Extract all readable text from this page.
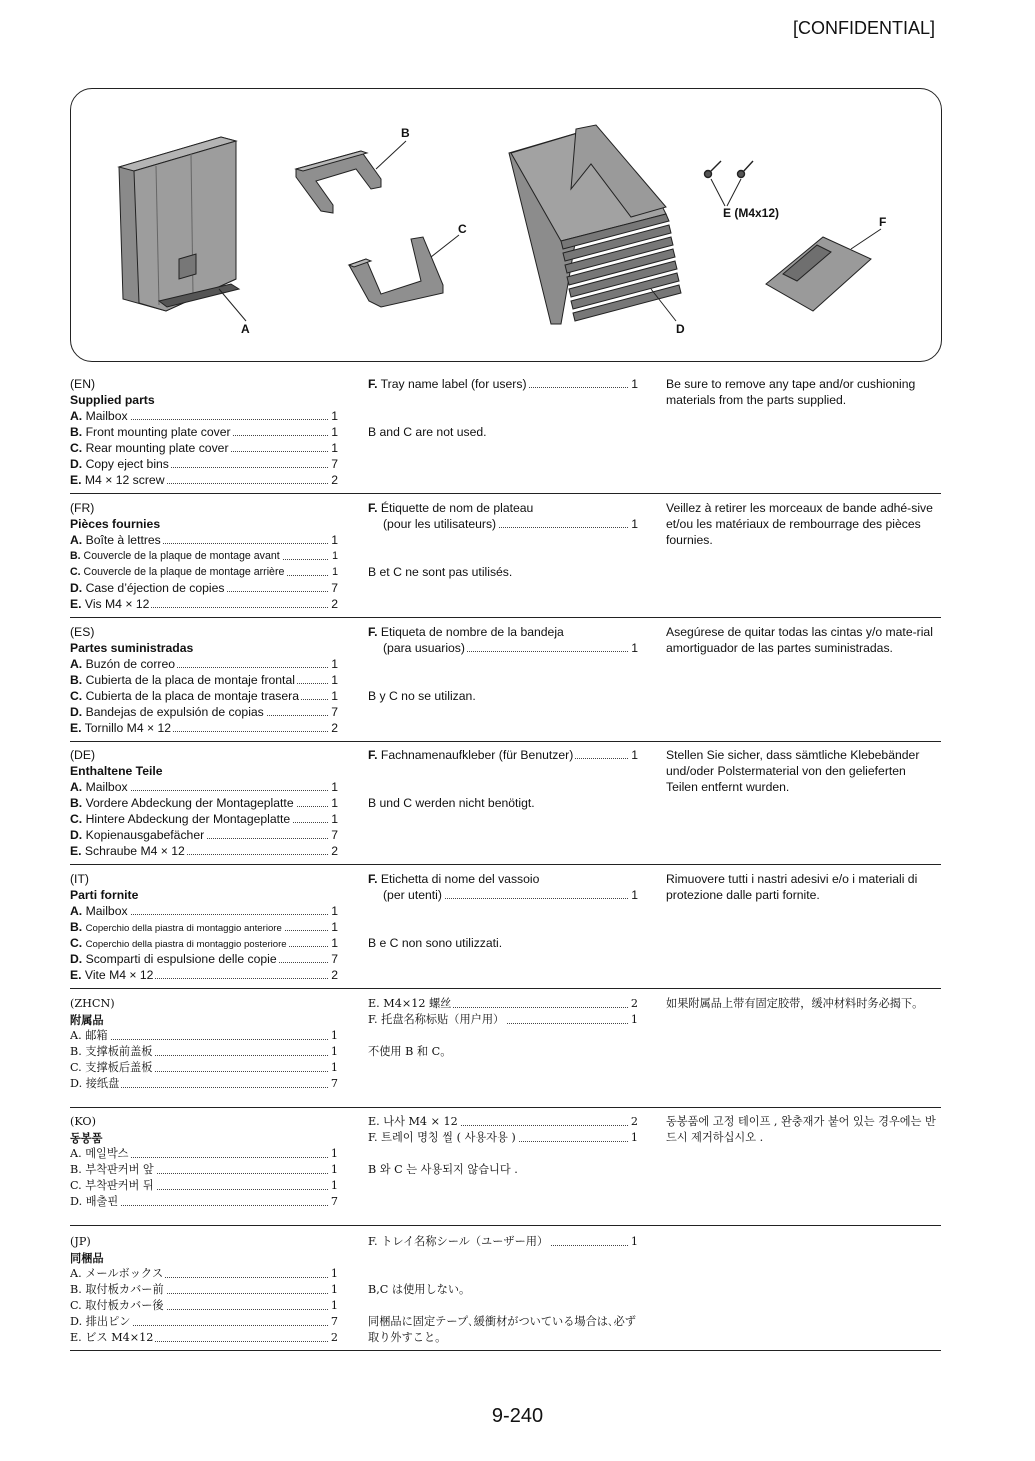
[CONFIDENTIAL]
A
B
C
D
E (M4x12)
F
(EN)
Supplied parts
A. Mailbox	1
B. Front mounting plate cover	1
C. Rear mounting plate cover	1
D. Copy eject bins	7
E. M4 × 12 screw	2
F. Tray name label (for users)	1
B and C are not used.
Be sure to remove any tape and/or cushioning materials from the parts supplied.
(FR)
Pièces fournies
A. Boîte à lettres	1
B. Couvercle de la plaque de montage avant	1
C. Couvercle de la plaque de montage arrière	1
D. Case d’éjection de copies	7
E. Vis M4 × 12	2
F. Étiquette de nom de plateau
(pour les utilisateurs)	1
B et C ne sont pas utilisés.
Veillez à retirer les morceaux de bande adhé-sive et/ou les matériaux de rembourrage des pièces fournies.
(ES)
Partes suministradas
A. Buzón de correo	1
B. Cubierta de la placa de montaje frontal	1
C. Cubierta de la placa de montaje trasera	1
D. Bandejas de expulsión de copias	7
E. Tornillo M4 × 12	2
F. Etiqueta de nombre de la bandeja
(para usuarios)	1
B y C no se utilizan.
Asegúrese de quitar todas las cintas y/o mate-rial amortiguador de las partes suministradas.
(DE)
Enthaltene Teile
A. Mailbox	1
B. Vordere Abdeckung der Montageplatte	1
C. Hintere Abdeckung der Montageplatte	1
D. Kopienausgabefächer	7
E. Schraube M4 × 12	2
F. Fachnamenaufkleber (für Benutzer)	1
B und C werden nicht benötigt.
Stellen Sie sicher, dass sämtliche Klebebänder und/oder Polstermaterial von den gelieferten Teilen entfernt wurden.
(IT)
Parti fornite
A. Mailbox	1
B. Coperchio della piastra di montaggio anteriore	1
C. Coperchio della piastra di montaggio posteriore	1
D. Scomparti di espulsione delle copie	7
E. Vite M4 × 12	2
F. Etichetta di nome del vassoio
(per utenti)	1
B e C non sono utilizzati.
Rimuovere tutti i nastri adesivi e/o i materiali di protezione dalle parti fornite.
(ZHCN)
附属品
A. 邮箱	1
B. 支撑板前盖板	1
C. 支撑板后盖板	1
D. 接纸盘	7
E. M4×12 螺丝	2
F. 托盘名称标贴（用户用）	1
不使用 B 和 C。
如果附属品上带有固定胶带，缓冲材料时务必揭下。
(KO)
동봉품
A. 메일박스	1
B. 부착판커버 앞	1
C. 부착판커버 뒤	1
D. 배출핀	7
E. 나사 M4 × 12	2
F. 트레이 명칭 씰 ( 사용자용 )	1
B 와 C 는 사용되지 않습니다 .
동봉품에 고정 테이프 , 완충재가 붙어 있는 경우에는 반드시 제거하십시오 .
(JP)
同梱品
A. メールボックス	1
B. 取付板カバー前	1
C. 取付板カバー後	1
D. 排出ピン	7
E. ビス M4×12	2
F. トレイ名称シール（ユーザー用）	1
B,C は使用しない。
同梱品に固定テープ､緩衝材がついている場合は､必ず取り外すこと。
9-240
